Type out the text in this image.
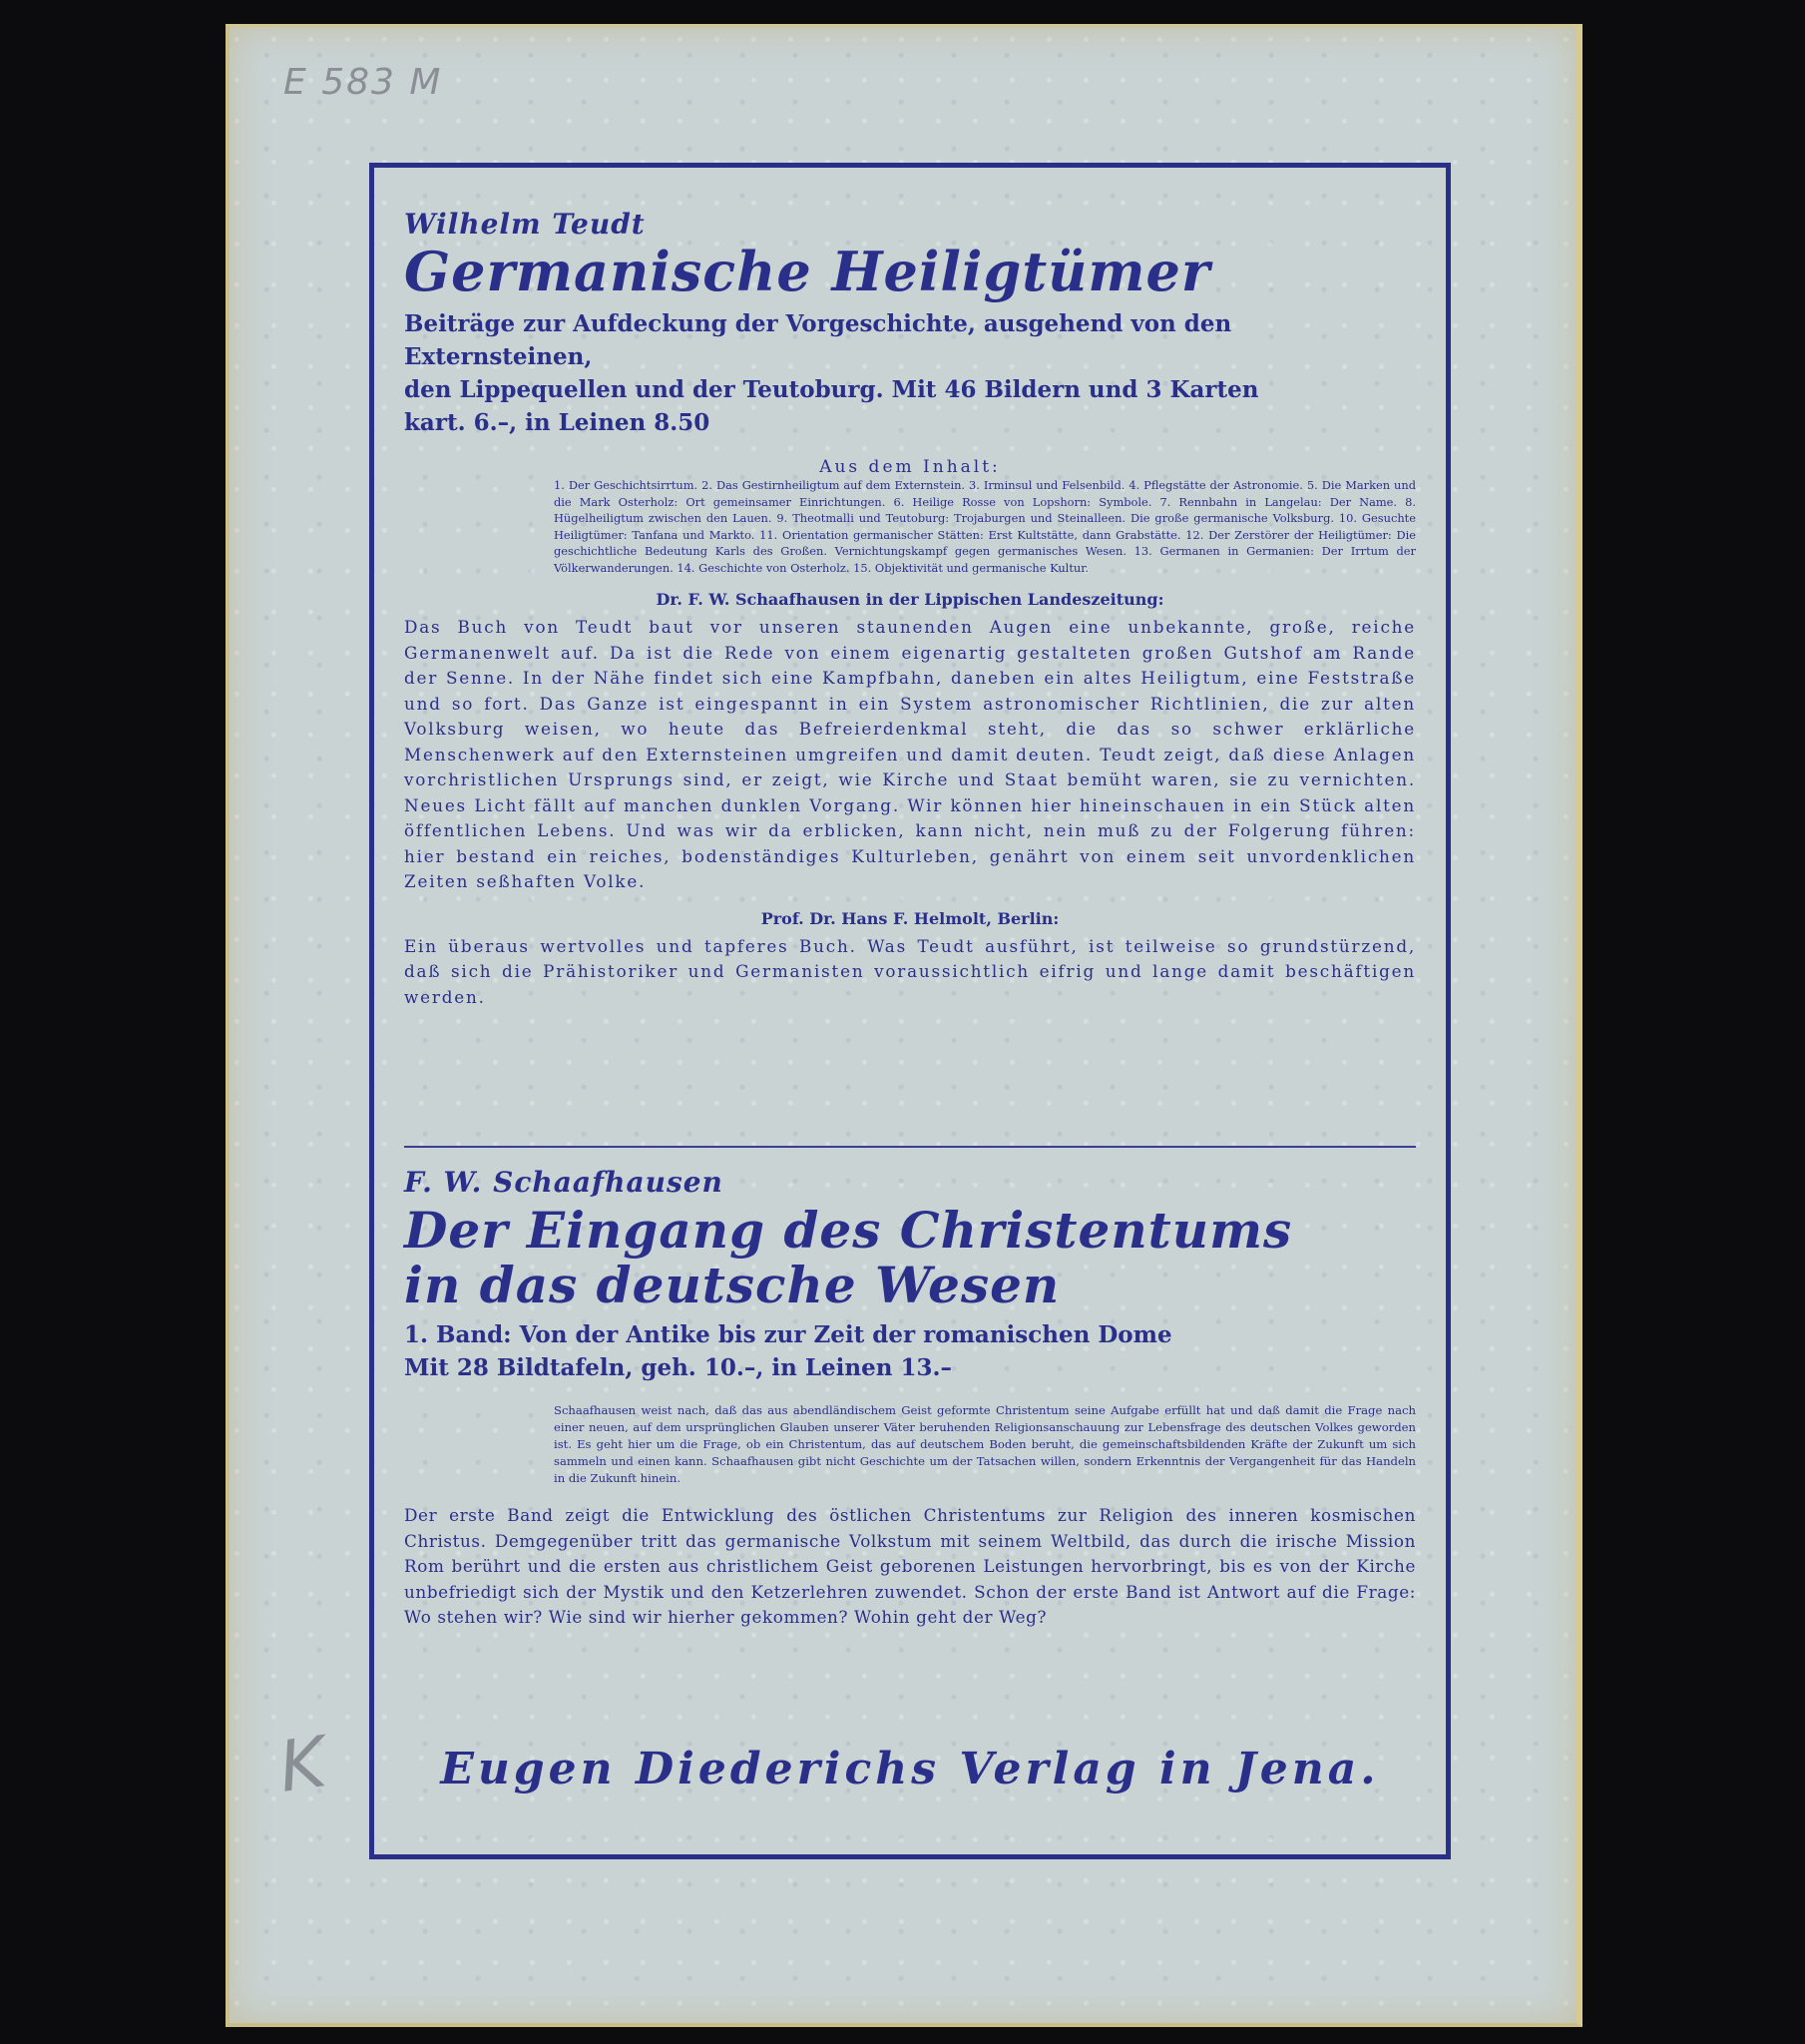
E 583 M
K
Wilhelm Teudt
Germanische Heiligtümer
Beiträge zur Aufdeckung der Vorgeschichte, ausgehend von den Externsteinen,
den Lippequellen und der Teutoburg. Mit 46 Bildern und 3 Karten
kart. 6.–, in Leinen 8.50
Aus dem Inhalt:
1. Der Geschichtsirrtum. 2. Das Gestirnheiligtum auf dem Externstein. 3. Irminsul und Felsenbild. 4. Pflegstätte der Astronomie. 5. Die Marken und die Mark Osterholz: Ort gemeinsamer Einrichtungen. 6. Heilige Rosse von Lopshorn: Symbole. 7. Rennbahn in Langelau: Der Name. 8. Hügelheiligtum zwischen den Lauen. 9. Theotmalli und Teutoburg: Trojaburgen und Steinalleen. Die große germanische Volksburg. 10. Gesuchte Heiligtümer: Tanfana und Markto. 11. Orientation germanischer Stätten: Erst Kultstätte, dann Grabstätte. 12. Der Zerstörer der Heiligtümer: Die geschichtliche Bedeutung Karls des Großen. Vernichtungskampf gegen germanisches Wesen. 13. Germanen in Germanien: Der Irrtum der Völkerwanderungen. 14. Geschichte von Osterholz. 15. Objektivität und germanische Kultur.
Dr. F. W. Schaafhausen in der Lippischen Landeszeitung:
Das Buch von Teudt baut vor unseren staunenden Augen eine unbekannte, große, reiche Germanenwelt auf. Da ist die Rede von einem eigenartig gestalteten großen Gutshof am Rande der Senne. In der Nähe findet sich eine Kampfbahn, daneben ein altes Heiligtum, eine Feststraße und so fort. Das Ganze ist eingespannt in ein System astronomischer Richtlinien, die zur alten Volksburg weisen, wo heute das Befreierdenkmal steht, die das so schwer erklärliche Menschenwerk auf den Externsteinen umgreifen und damit deuten. Teudt zeigt, daß diese Anlagen vorchristlichen Ursprungs sind, er zeigt, wie Kirche und Staat bemüht waren, sie zu vernichten. Neues Licht fällt auf manchen dunklen Vorgang. Wir können hier hineinschauen in ein Stück alten öffentlichen Lebens. Und was wir da erblicken, kann nicht, nein muß zu der Folgerung führen: hier bestand ein reiches, bodenständiges Kulturleben, genährt von einem seit unvordenklichen Zeiten seßhaften Volke.
Prof. Dr. Hans F. Helmolt, Berlin:
Ein überaus wertvolles und tapferes Buch. Was Teudt ausführt, ist teilweise so grundstürzend, daß sich die Prähistoriker und Germanisten voraussichtlich eifrig und lange damit beschäftigen werden.
F. W. Schaafhausen
Der Eingang des Christentums
in das deutsche Wesen
1. Band: Von der Antike bis zur Zeit der romanischen Dome
Mit 28 Bildtafeln, geh. 10.–, in Leinen 13.–
Schaafhausen weist nach, daß das aus abendländischem Geist geformte Christentum seine Aufgabe erfüllt hat und daß damit die Frage nach einer neuen, auf dem ursprünglichen Glauben unserer Väter beruhenden Religionsanschauung zur Lebensfrage des deutschen Volkes geworden ist. Es geht hier um die Frage, ob ein Christentum, das auf deutschem Boden beruht, die gemeinschaftsbildenden Kräfte der Zukunft um sich sammeln und einen kann. Schaafhausen gibt nicht Geschichte um der Tatsachen willen, sondern Erkenntnis der Vergangenheit für das Handeln in die Zukunft hinein.
Der erste Band zeigt die Entwicklung des östlichen Christentums zur Religion des inneren kosmischen Christus. Demgegenüber tritt das germanische Volkstum mit seinem Weltbild, das durch die irische Mission Rom berührt und die ersten aus christlichem Geist geborenen Leistungen hervorbringt, bis es von der Kirche unbefriedigt sich der Mystik und den Ketzerlehren zuwendet. Schon der erste Band ist Antwort auf die Frage: Wo stehen wir? Wie sind wir hierher gekommen? Wohin geht der Weg?
Eugen Diederichs Verlag in Jena.
